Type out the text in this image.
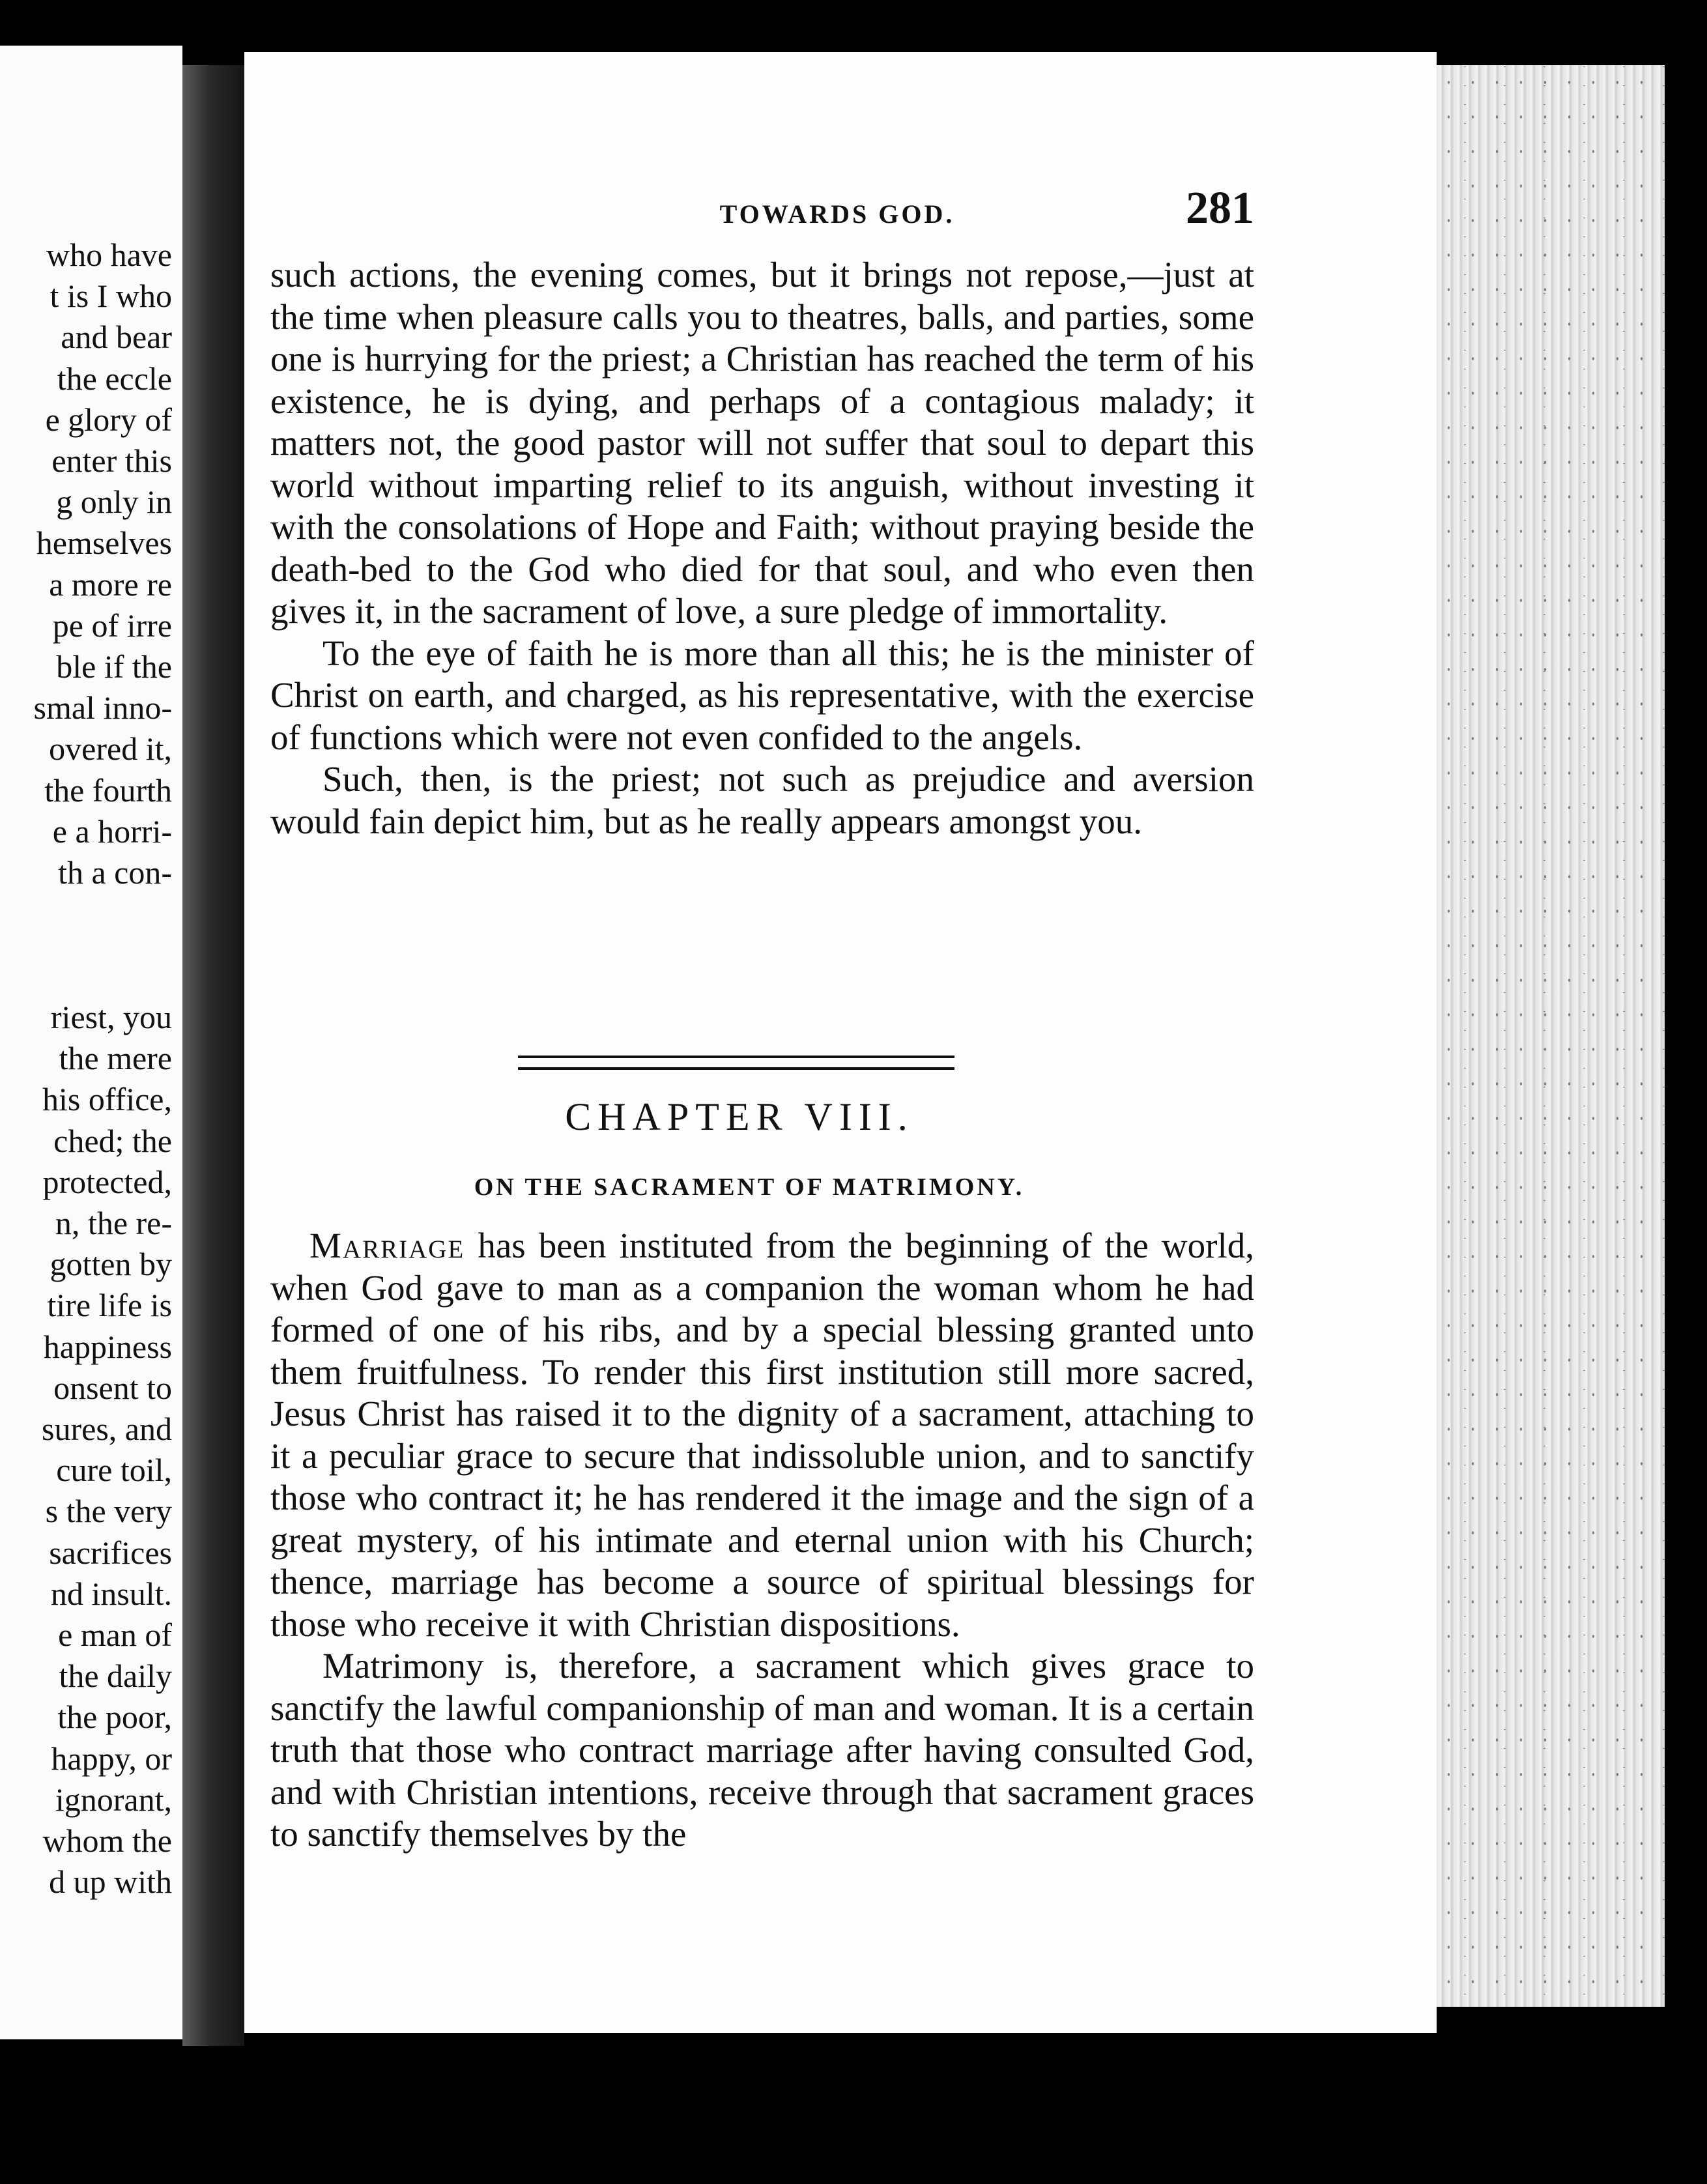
who have
t is I who
and bear
the eccle
e glory of
enter this
g only in
hemselves
a more re
pe of irre
ble if the
smal inno-
overed it,
the fourth
e a horri-
th a con-
riest, you
the mere
his office,
ched; the
protected,
n, the re-
gotten by
tire life is
happiness
onsent to
sures, and
cure toil,
s the very
sacrifices
nd insult.
e man of
the daily
the poor,
happy, or
ignorant,
whom the
d up with
TOWARDS GOD.	281

such actions, the evening comes, but it brings not repose,—just at the time when pleasure calls you to theatres, balls, and parties, some one is hurrying for the priest; a Christian has reached the term of his existence, he is dying, and perhaps of a contagious malady; it matters not, the good pastor will not suffer that soul to depart this world without imparting relief to its anguish, without investing it with the consolations of Hope and Faith; without praying beside the death-bed to the God who died for that soul, and who even then gives it, in the sacrament of love, a sure pledge of immortality.

To the eye of faith he is more than all this; he is the minister of Christ on earth, and charged, as his representative, with the exercise of functions which were not even confided to the angels.

Such, then, is the priest; not such as prejudice and aversion would fain depict him, but as he really appears amongst you.

CHAPTER VIII.
ON THE SACRAMENT OF MATRIMONY.

Marriage has been instituted from the beginning of the world, when God gave to man as a companion the woman whom he had formed of one of his ribs, and by a special blessing granted unto them fruitfulness. To render this first institution still more sacred, Jesus Christ has raised it to the dignity of a sacrament, attaching to it a peculiar grace to secure that indissoluble union, and to sanctify those who contract it; he has rendered it the image and the sign of a great mystery, of his intimate and eternal union with his Church; thence, marriage has become a source of spiritual blessings for those who receive it with Christian dispositions.

Matrimony is, therefore, a sacrament which gives grace to sanctify the lawful companionship of man and woman. It is a certain truth that those who contract marriage after having consulted God, and with Christian intentions, receive through that sacrament graces to sanctify themselves by the
